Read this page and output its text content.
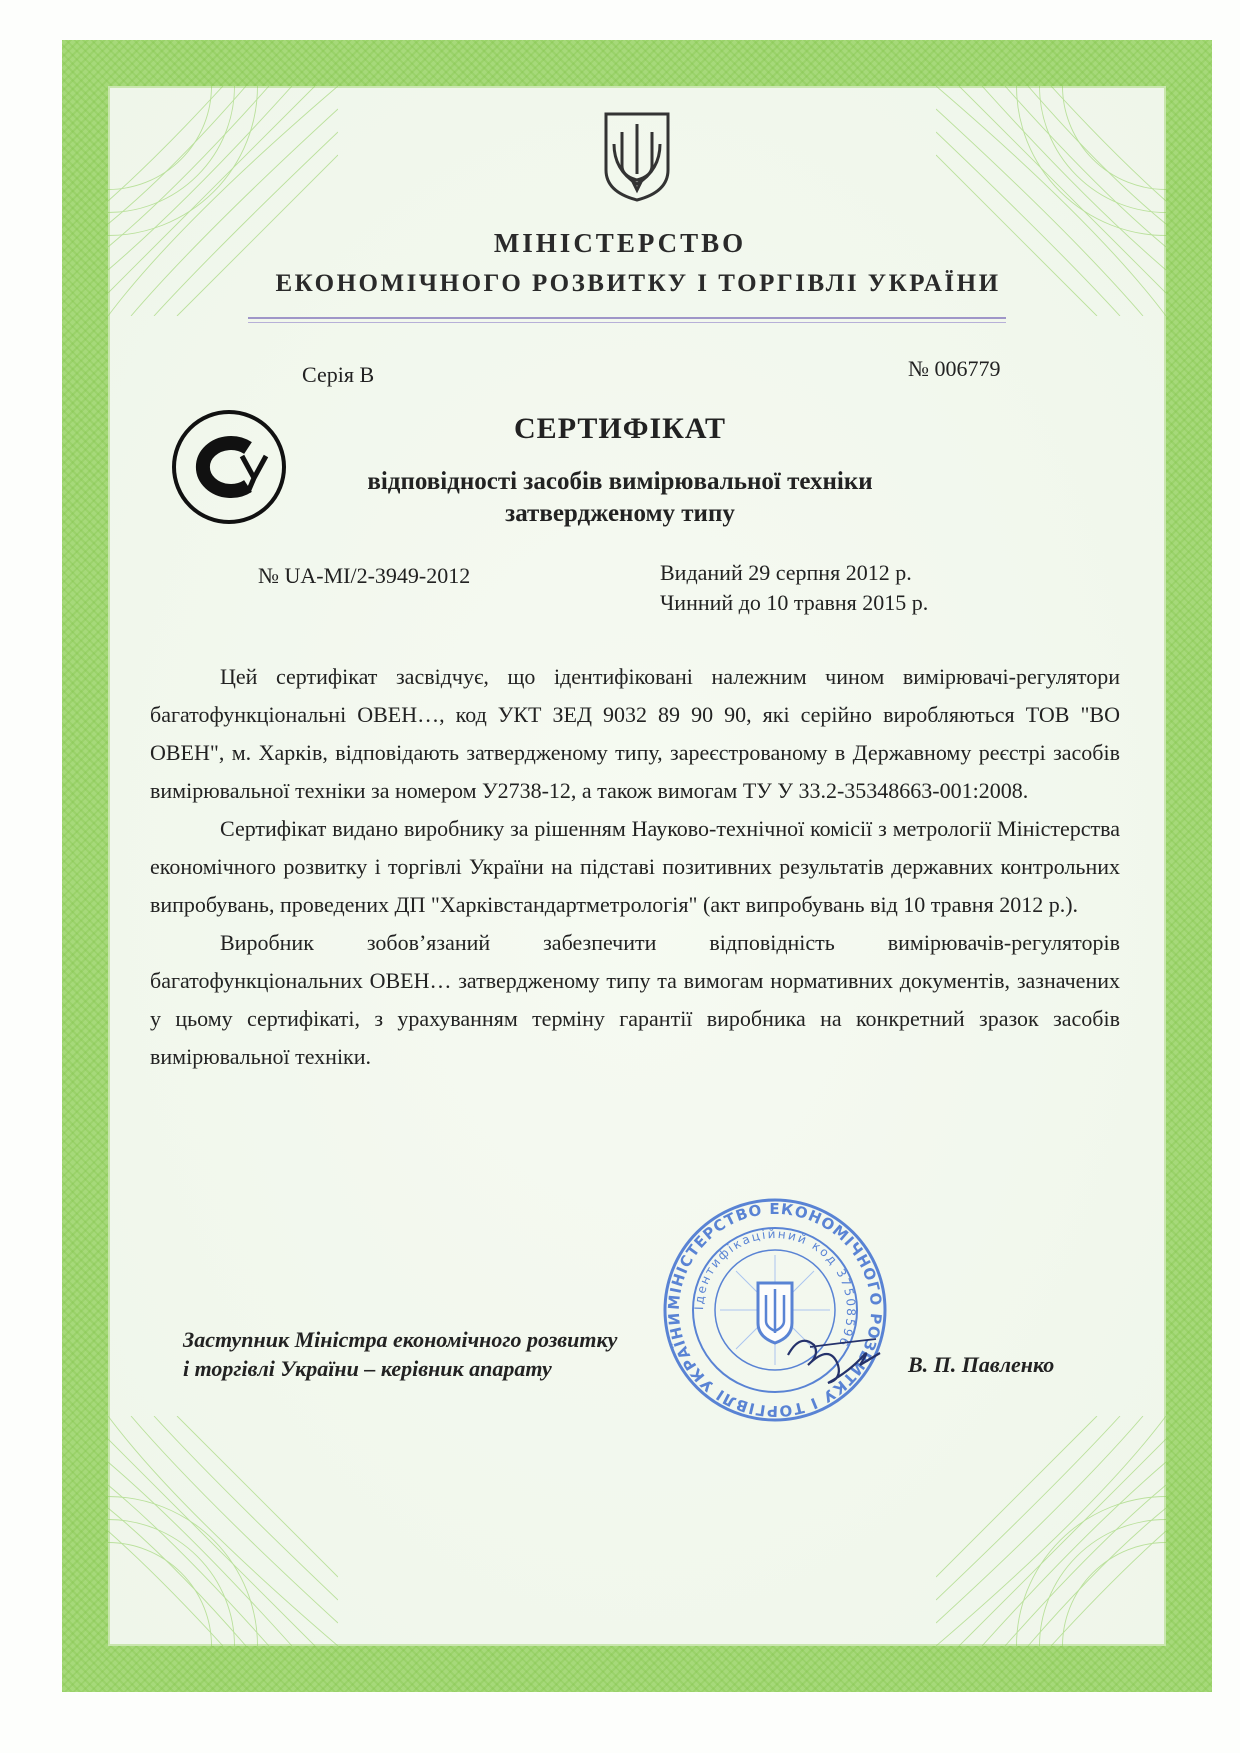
МІНІСТЕРСТВО
ЕКОНОМІЧНОГО РОЗВИТКУ І ТОРГІВЛІ УКРАЇНИ
Серія В	№ 006779
СЕРТИФІКАТ
відповідності засобів вимірювальної техніки
затвердженому типу
№ UA-MI/2-3949-2012	Виданий 29 серпня 2012 р.
Чинний до 10 травня 2015 р.

Цей сертифікат засвідчує, що ідентифіковані належним чином вимірювачі-регулятори багатофункціональні ОВЕН…, код УКТ ЗЕД 9032 89 90 90, які серійно виробляються ТОВ "ВО ОВЕН", м. Харків, відповідають затвердженому типу, зареєстрованому в Державному реєстрі засобів вимірювальної техніки за номером У2738-12, а також вимогам ТУ У 33.2-35348663-001:2008.

Сертифікат видано виробнику за рішенням Науково-технічної комісії з метрології Міністерства економічного розвитку і торгівлі України на підставі позитивних результатів державних контрольних випробувань, проведених ДП "Харківстандартметрологія" (акт випробувань від 10 травня 2012 р.).

Виробник зобов’язаний забезпечити відповідність вимірювачів-регуляторів багатофункціональних ОВЕН… затвердженому типу та вимогам нормативних документів, зазначених у цьому сертифікаті, з урахуванням терміну гарантії виробника на конкретний зразок засобів вимірювальної техніки.

МІНІСТЕРСТВО ЕКОНОМІЧНОГО РОЗВИТКУ І ТОРГІВЛІ УКРАЇНИ
Ідентифікаційний код 37508596
Заступник Міністра економічного розвитку
і торгівлі України – керівник апарату	В. П. Павленко
